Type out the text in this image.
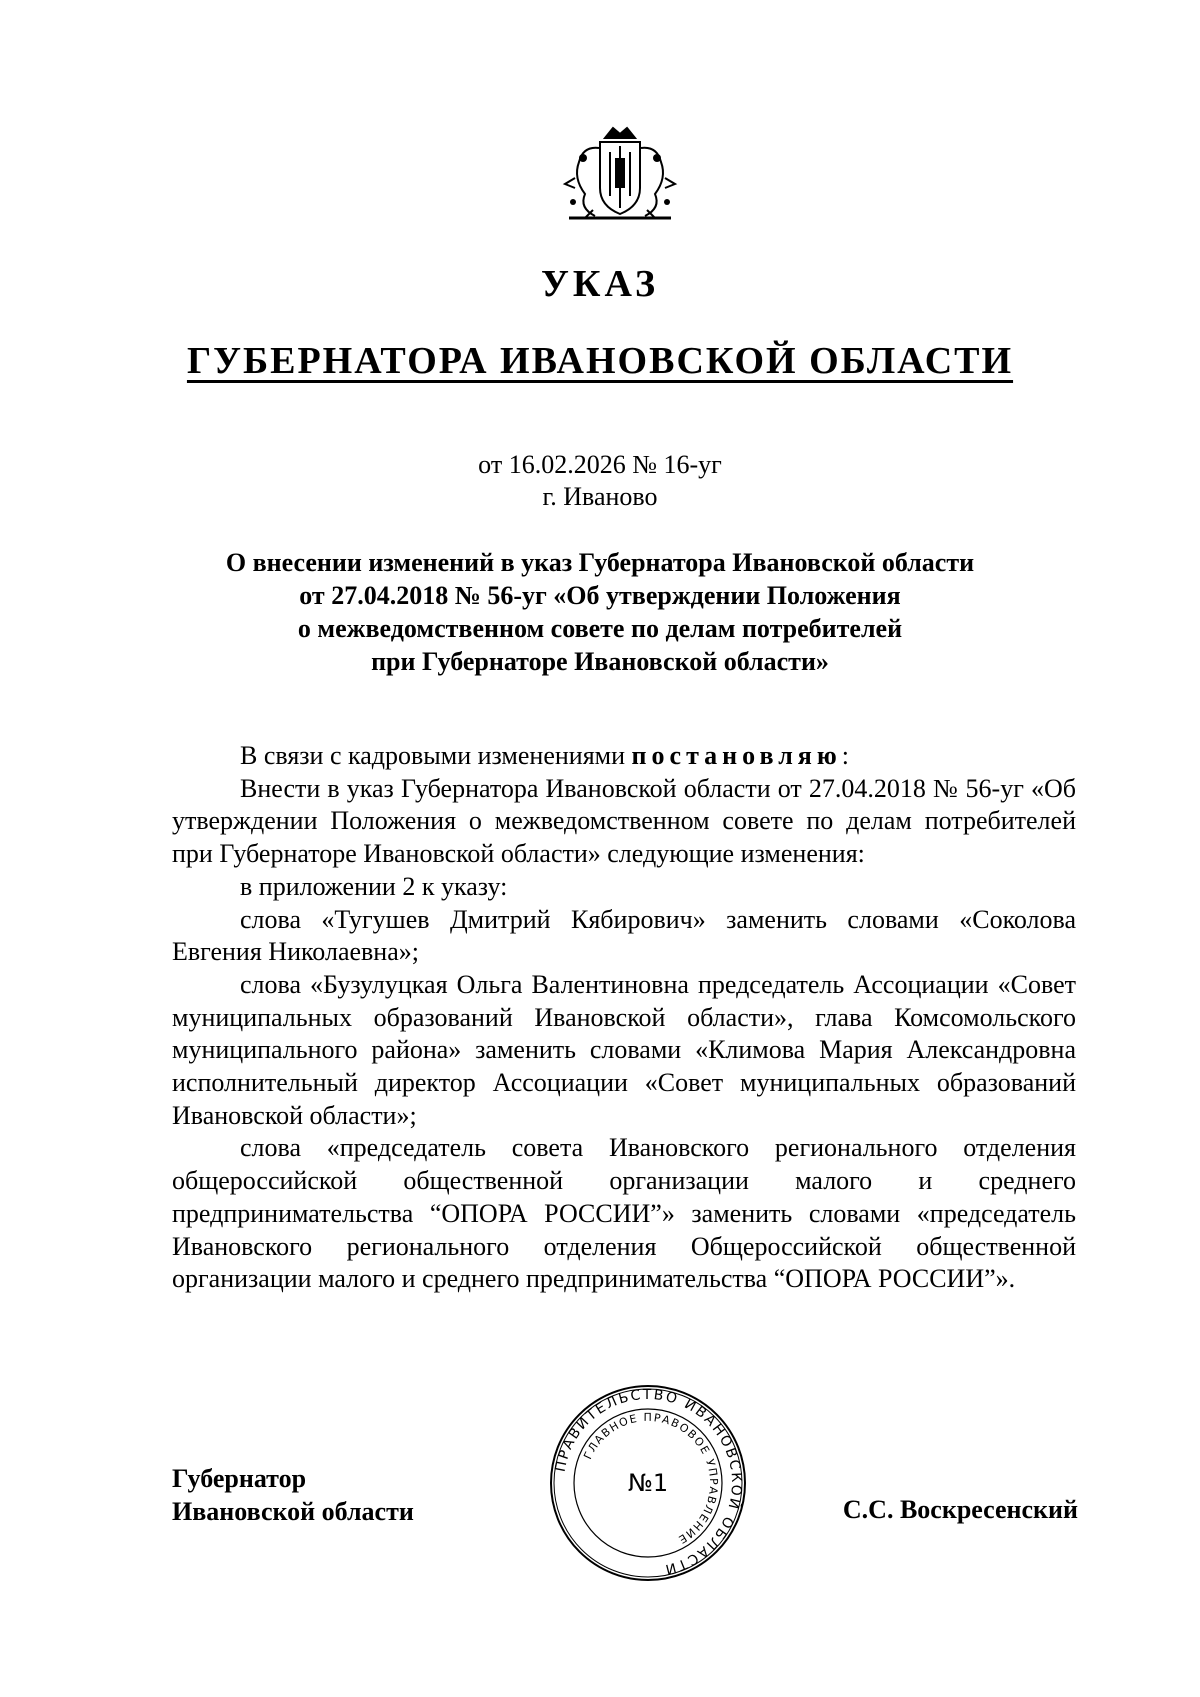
УКАЗ
ГУБЕРНАТОРА ИВАНОВСКОЙ ОБЛАСТИ
от 16.02.2026 № 16-уг
г. Иваново
О внесении изменений в указ Губернатора Ивановской области
от 27.04.2018 № 56-уг «Об утверждении Положения
о межведомственном совете по делам потребителей
при Губернаторе Ивановской области»

В связи с кадровыми изменениями постановляю:

Внести в указ Губернатора Ивановской области от 27.04.2018 № 56-уг «Об утверждении Положения о межведомственном совете по делам потребителей при Губернаторе Ивановской области» следующие изменения:

в приложении 2 к указу:

слова «Тугушев Дмитрий Кябирович» заменить словами «Соколова Евгения Николаевна»;

слова «Бузулуцкая Ольга Валентиновна председатель Ассоциации «Совет муниципальных образований Ивановской области», глава Комсомольского муниципального района» заменить словами «Климова Мария Александровна исполнительный директор Ассоциации «Совет муниципальных образований Ивановской области»;

слова «председатель совета Ивановского регионального отделения общероссийской общественной организации малого и среднего предпринимательства “ОПОРА РОССИИ”» заменить словами «председатель Ивановского регионального отделения Общероссийской общественной организации малого и среднего предпринимательства “ОПОРА РОССИИ”».

Губернатор
Ивановской области	С.С. Воскресенский
ПРАВИТЕЛЬСТВО ИВАНОВСКОЙ ОБЛАСТИ
ГЛАВНОЕ ПРАВОВОЕ УПРАВЛЕНИЕ
№1
